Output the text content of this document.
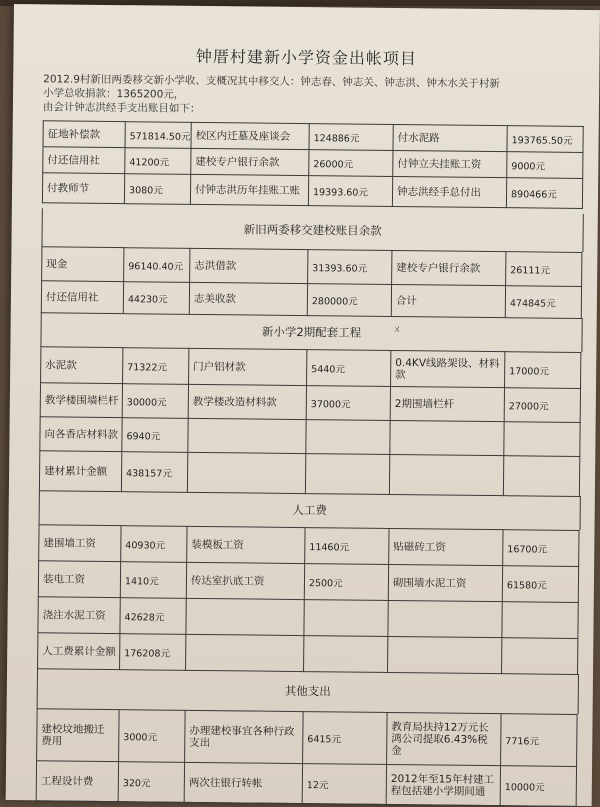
钟厝村建新小学资金出帐项目
2012.9村新旧两委移交新小学收、支概况其中移交人：钟志春、钟志关、钟志洪、钟木水关于村新
小学总收捐款：1365200元，
由会计钟志洪经手支出账目如下：
征地补偿款	571814.50元	校区内迁墓及座谈会	124886元	付水泥路	193765.50元
付还信用社	41200元	建校专户银行余款	26000元	付钟立夫挂账工资	9000元
付教师节	3080元	付钟志洪历年挂账工账	19393.60元	钟志洪经手总付出	890466元
新旧两委移交建校账目余款
现金	96140.40元	志洪借款	31393.60元	建校专户银行余款	26111元
付还信用社	44230元	志美收款	280000元	合计	474845元
ㄨ
新小学2期配套工程
水泥款	71322元	门户铝材款	5440元	0.4KV线路架设、材料款	17000元
教学楼围墙栏杆	30000元	教学楼改造材料款	37000元	2期围墙栏杆	27000元
向各香店材料款	6940元				
建材累计金额	438157元				
人工费
建围墙工资	40930元	装模板工资	11460元	贴磁砖工资	16700元
装电工资	1410元	传达室扒底工资	2500元	砌围墙水泥工资	61580元
浇注水泥工资	42628元				
人工费累计金额	176208元				
其他支出
建校坟地搬迁费用	3000元	办理建校事宜各种行政支出	6415元	教育局扶持12万元长鸿公司提取6.43%税金	7716元
工程设计费	320元	两次往银行转帐	12元	2012年至15年村建工程包括建小学期间通	10000元
